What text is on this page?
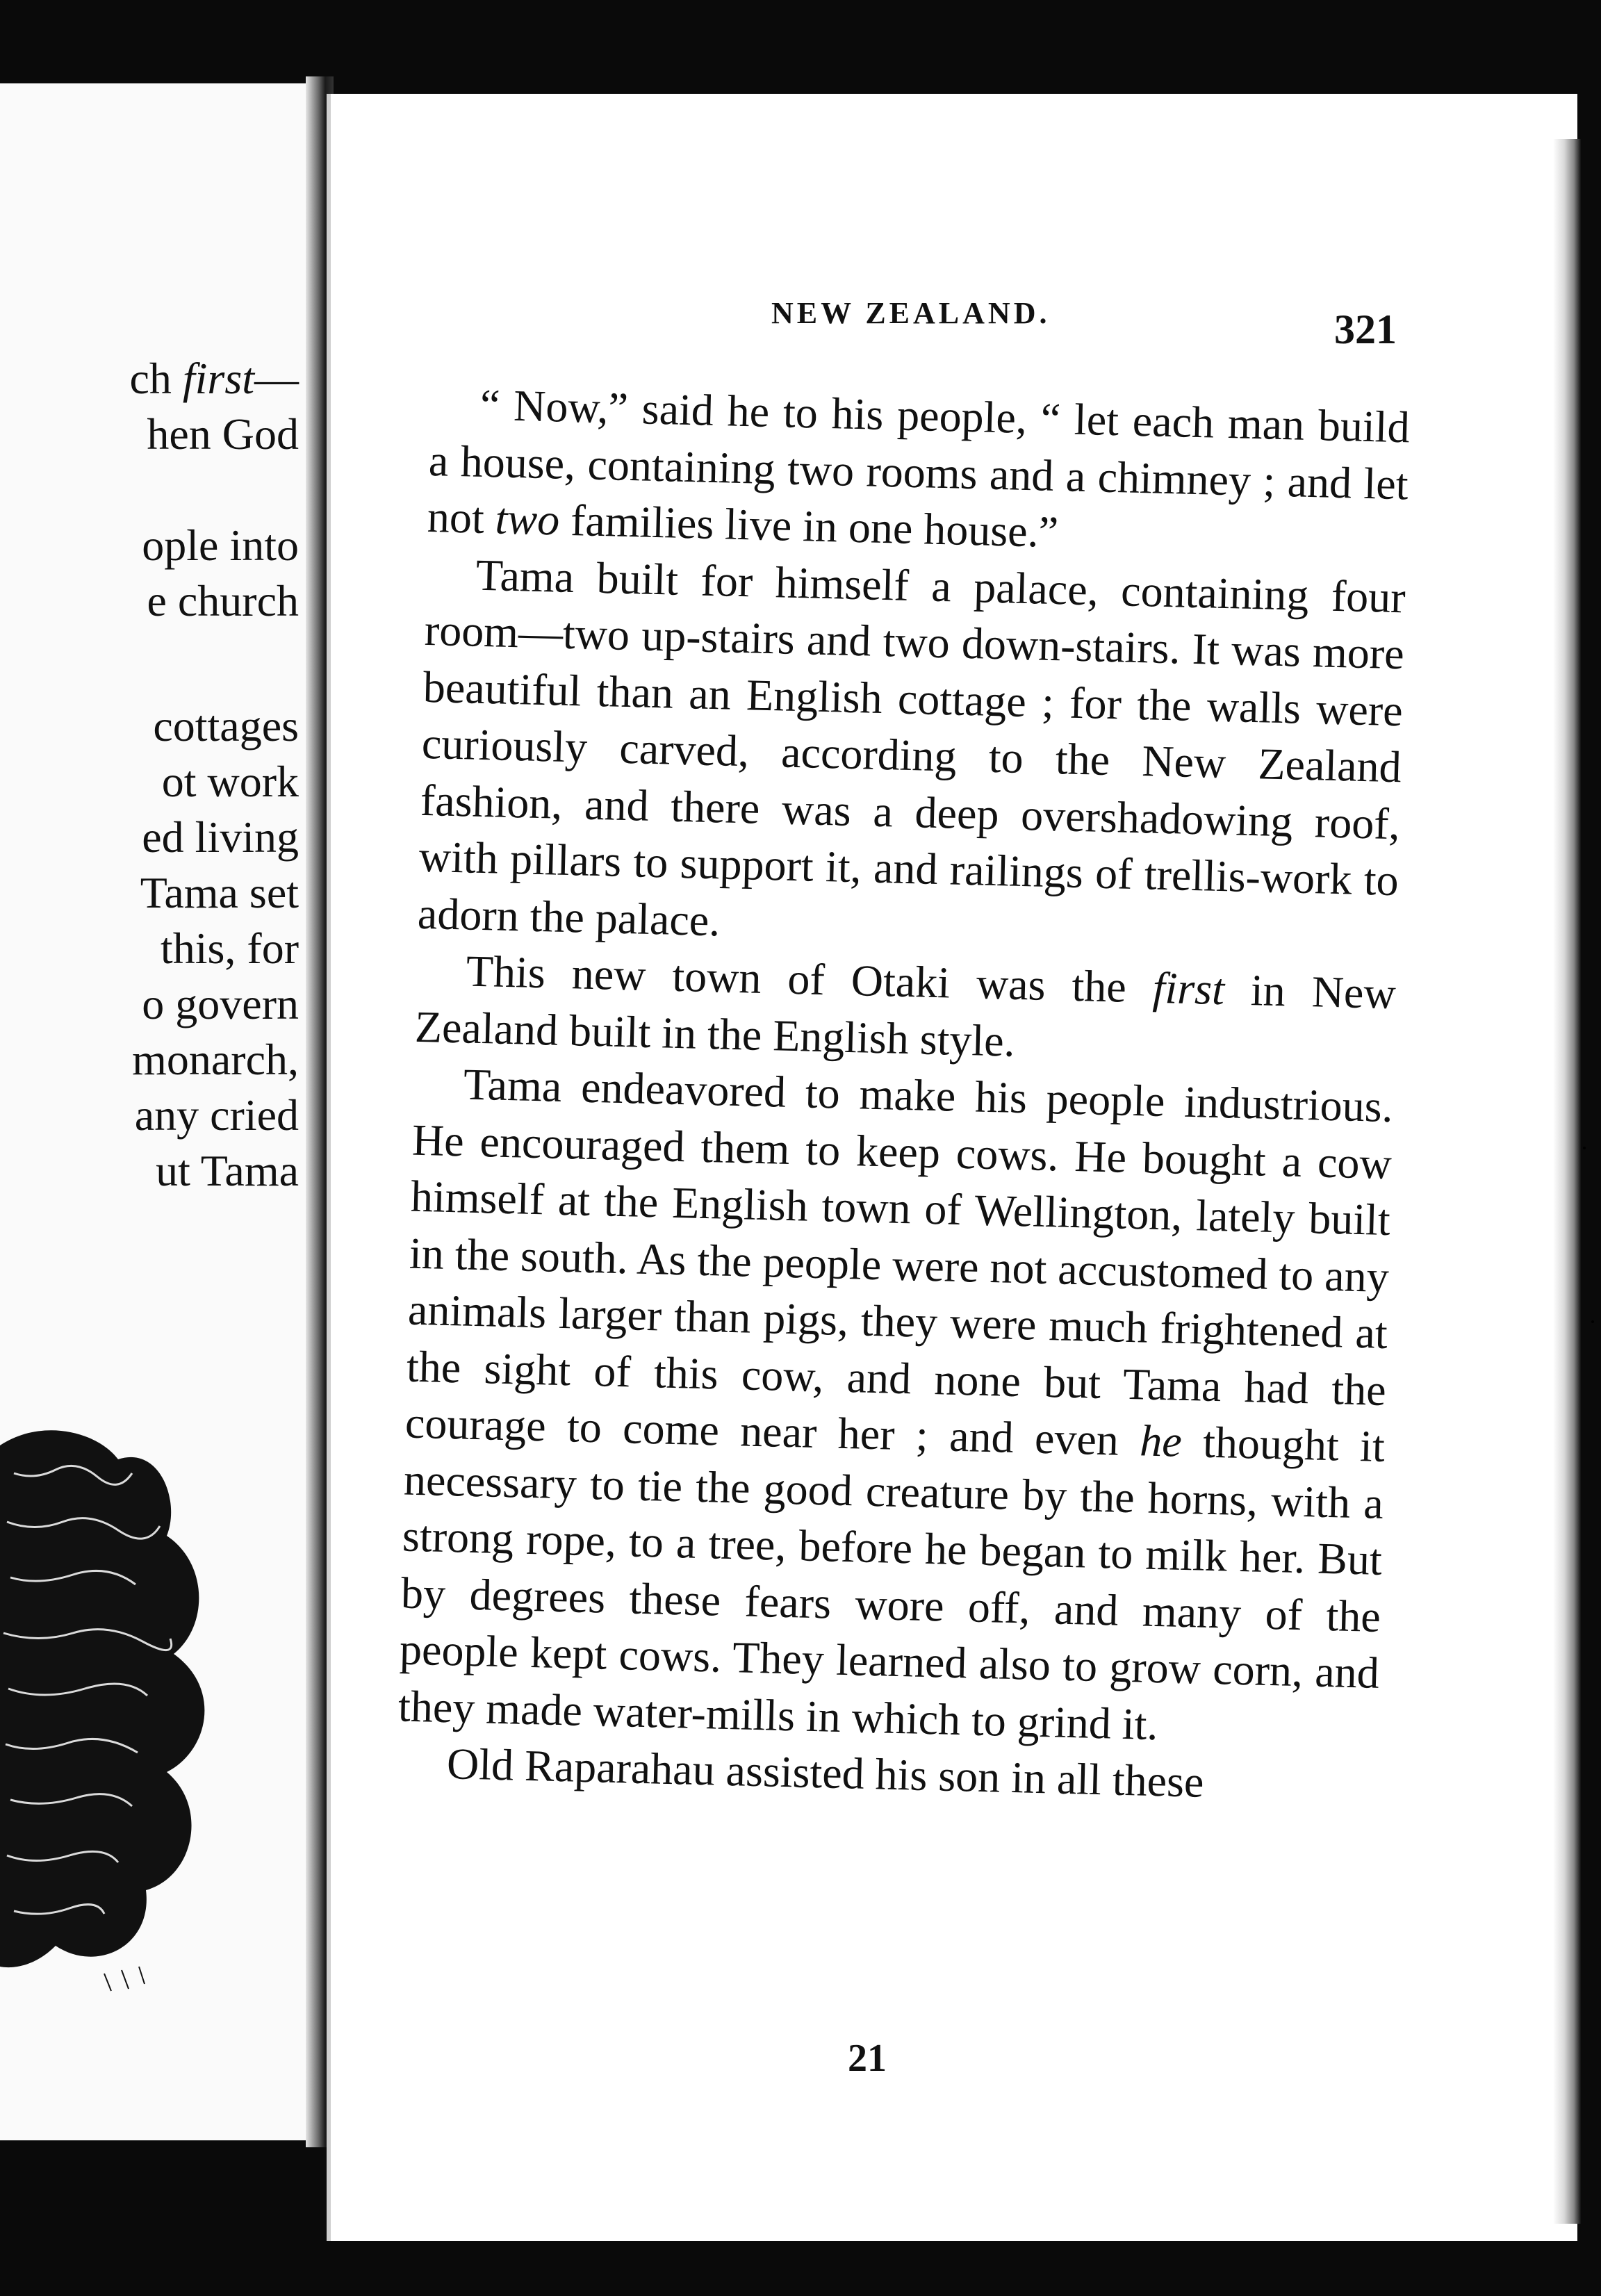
ch first—
hen God
ople into
e church
cottages
ot work
ed living
Tama set
this, for
o govern
monarch,
any cried
ut Tama
NEW ZEALAND.	321

“ Now,” said he to his people, “ let each man build a house, containing two rooms and a chimney ; and let not two families live in one house.”

Tama built for himself a palace, containing four room—two up-stairs and two down-stairs. It was more beautiful than an English cottage ; for the walls were curiously carved, according to the New Zealand fashion, and there was a deep overshadowing roof, with pillars to support it, and railings of trellis-work to adorn the palace.

This new town of Otaki was the first in New Zealand built in the English style.

Tama endeavored to make his people industrious. He encouraged them to keep cows. He bought a cow himself at the English town of Wellington, lately built in the south. As the people were not accustomed to any animals larger than pigs, they were much frightened at the sight of this cow, and none but Tama had the courage to come near her ; and even he thought it necessary to tie the good creature by the horns, with a strong rope, to a tree, before he began to milk her. But by degrees these fears wore off, and many of the people kept cows. They learned also to grow corn, and they made water-mills in which to grind it.

Old Raparahau assisted his son in all these

21
